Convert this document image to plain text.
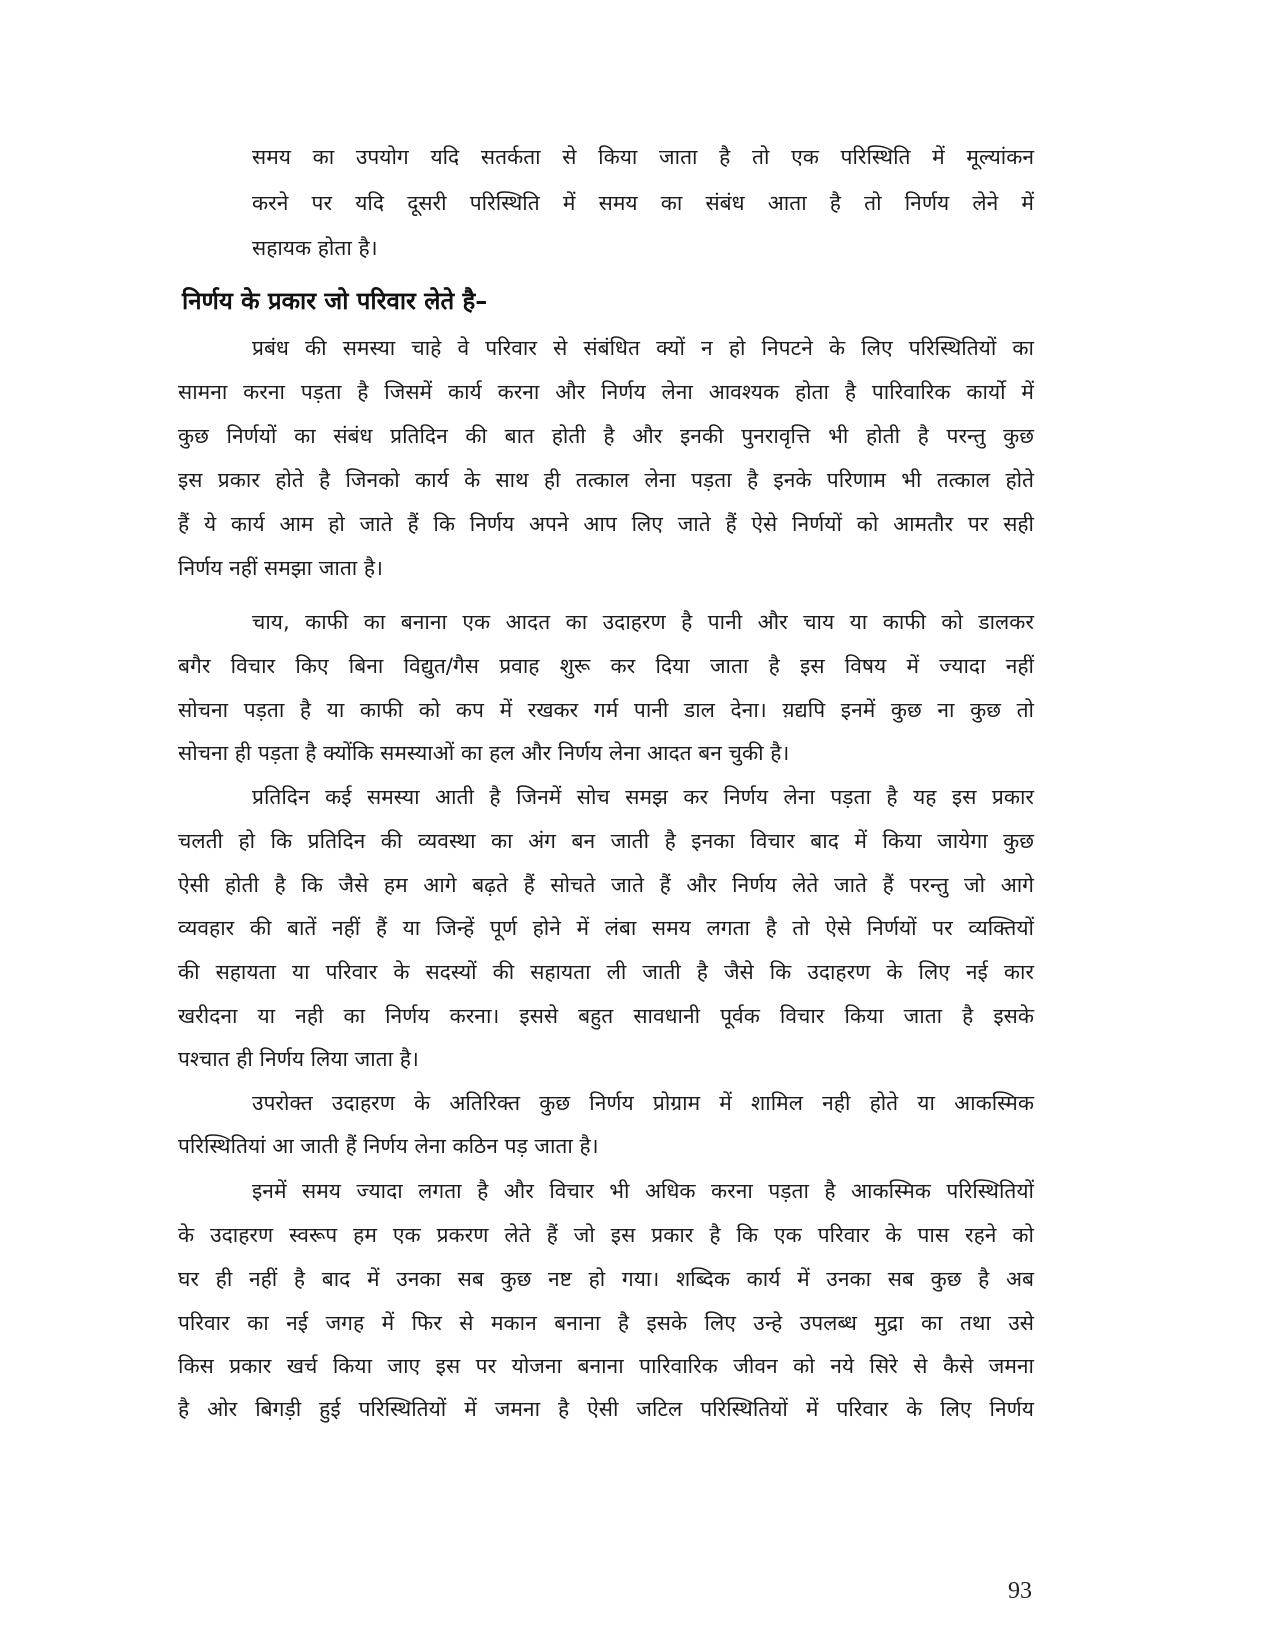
समय का उपयोग यदि सतर्कता से किया जाता है तो एक परिस्थिति में मूल्यांकन
करने पर यदि दूसरी परिस्थिति में समय का संबंध आता है तो निर्णय लेने में
सहायक होता है।
निर्णय के प्रकार जो परिवार लेते है–
प्रबंध की समस्या चाहे वे परिवार से संबंधित क्यों न हो निपटने के लिए परिस्थितियों का
सामना करना पड़ता है जिसमें कार्य करना और निर्णय लेना आवश्यक होता है पारिवारिक कार्यो में
कुछ निर्णयों का संबंध प्रतिदिन की बात होती है और इनकी पुनरावृत्ति भी होती है परन्तु कुछ
इस प्रकार होते है जिनको कार्य के साथ ही तत्काल लेना पड़ता है इनके परिणाम भी तत्काल होते
हैं ये कार्य आम हो जाते हैं कि निर्णय अपने आप लिए जाते हैं ऐसे निर्णयों को आमतौर पर सही
निर्णय नहीं समझा जाता है।
चाय, काफी का बनाना एक आदत का उदाहरण है पानी और चाय या काफी को डालकर
बगैर विचार किए बिना विद्युत/गैस प्रवाह शुरू कर दिया जाता है इस विषय में ज्यादा नहीं
सोचना पड़ता है या काफी को कप में रखकर गर्म पानी डाल देना। य़द्यपि इनमें कुछ ना कुछ तो
सोचना ही पड़ता है क्योंकि समस्याओं का हल और निर्णय लेना आदत बन चुकी है।
प्रतिदिन कई समस्या आती है जिनमें सोच समझ कर निर्णय लेना पड़ता है यह इस प्रकार
चलती हो कि प्रतिदिन की व्यवस्था का अंग बन जाती है इनका विचार बाद में किया जायेगा कुछ
ऐसी होती है कि जैसे हम आगे बढ़ते हैं सोचते जाते हैं और निर्णय लेते जाते हैं परन्तु जो आगे
व्यवहार की बातें नहीं हैं या जिन्हें पूर्ण होने में लंबा समय लगता है तो ऐसे निर्णयों पर व्यक्तियों
की सहायता या परिवार के सदस्यों की सहायता ली जाती है जैसे कि उदाहरण के लिए नई कार
खरीदना या नही का निर्णय करना। इससे बहुत सावधानी पूर्वक विचार किया जाता है इसके
पश्चात ही निर्णय लिया जाता है।
उपरोक्त उदाहरण के अतिरिक्त कुछ निर्णय प्रोग्राम में शामिल नही होते या आकस्मिक
परिस्थितियां आ जाती हैं निर्णय लेना कठिन पड़ जाता है।
इनमें समय ज्यादा लगता है और विचार भी अधिक करना पड़ता है आकस्मिक परिस्थितियों
के उदाहरण स्वरूप हम एक प्रकरण लेते हैं जो इस प्रकार है कि एक परिवार के पास रहने को
घर ही नहीं है बाद में उनका सब कुछ नष्ट हो गया। शब्दिक कार्य में उनका सब कुछ है अब
परिवार का नई जगह में फिर से मकान बनाना है इसके लिए उन्हे उपलब्ध मुद्रा का तथा उसे
किस प्रकार खर्च किया जाए इस पर योजना बनाना पारिवारिक जीवन को नये सिरे से कैसे जमना
है ओर बिगड़ी हुई परिस्थितियों में जमना है ऐसी जटिल परिस्थितियों में परिवार के लिए निर्णय
93
